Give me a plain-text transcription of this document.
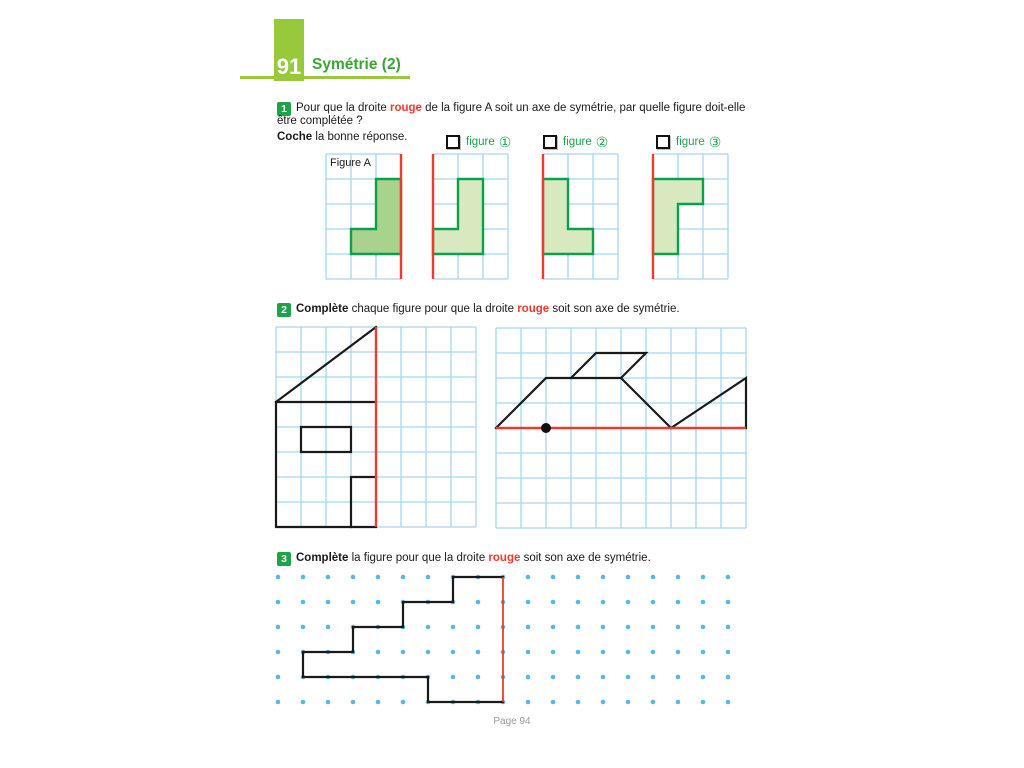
91 Symétrie (2)
1 Pour que la droite rouge de la figure A soit un axe de symétrie, par quelle figure doit-elle
être complétée ?
Coche la bonne réponse.	figure ①	figure ②	figure ③
Figure A
2 Complète chaque figure pour que la droite rouge soit son axe de symétrie.
3 Complète la figure pour que la droite rouge soit son axe de symétrie.
Page 94
